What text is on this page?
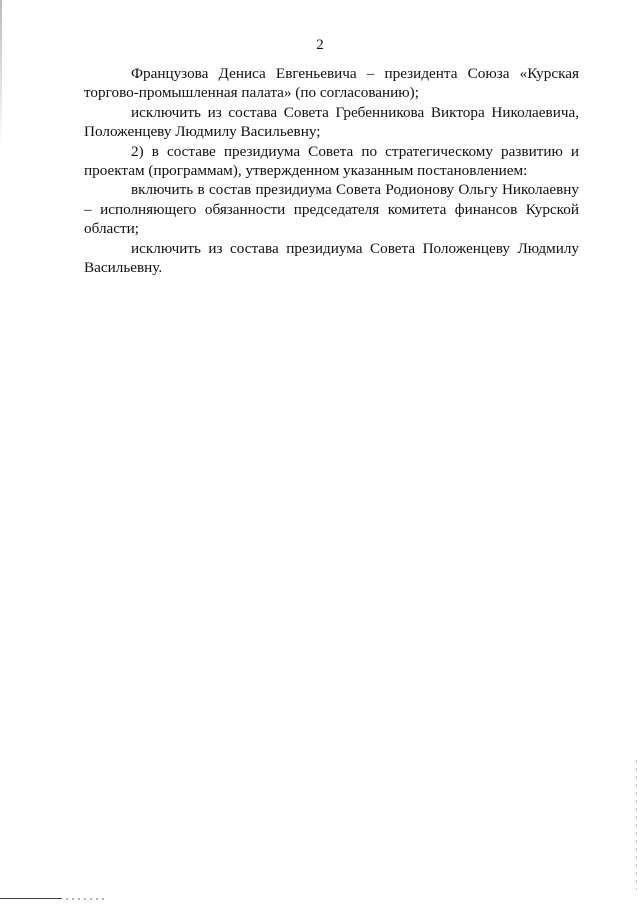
2

Французова Дениса Евгеньевича – президента Союза «Курская торгово-промышленная палата» (по согласованию);

исключить из состава Совета Гребенникова Виктора Николаевича, Положенцеву Людмилу Васильевну;

2) в составе президиума Совета по стратегическому развитию и проектам (программам), утвержденном указанным постановлением:

включить в состав президиума Совета Родионову Ольгу Николаевну – исполняющего обязанности председателя комитета финансов Курской области;

исключить из состава президиума Совета Положенцеву Людмилу Васильевну.
